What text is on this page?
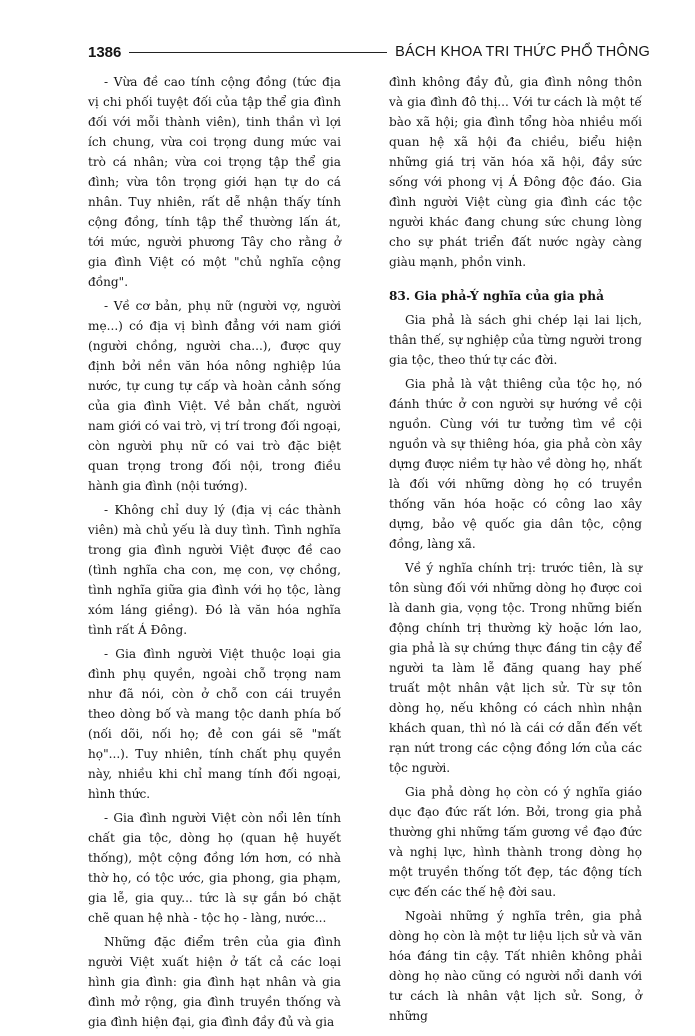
1386	BÁCH KHOA TRI THỨC PHỔ THÔNG

- Vừa đề cao tính cộng đồng (tức địa vị chi phối tuyệt đối của tập thể gia đình đối với mỗi thành viên), tinh thần vì lợi ích chung, vừa coi trọng dung mức vai trò cá nhân; vừa coi trọng tập thể gia đình; vừa tôn trọng giới hạn tự do cá nhân. Tuy nhiên, rất dễ nhận thấy tính cộng đồng, tính tập thể thường lấn át, tới mức, người phương Tây cho rằng ở gia đình Việt có một "chủ nghĩa cộng đồng".

- Về cơ bản, phụ nữ (người vợ, người mẹ...) có địa vị bình đẳng với nam giới (người chồng, người cha...), được quy định bởi nền văn hóa nông nghiệp lúa nước, tự cung tự cấp và hoàn cảnh sống của gia đình Việt. Về bản chất, người nam giới có vai trò, vị trí trong đối ngoại, còn người phụ nữ có vai trò đặc biệt quan trọng trong đối nội, trong điều hành gia đình (nội tướng).

- Không chỉ duy lý (địa vị các thành viên) mà chủ yếu là duy tình. Tình nghĩa trong gia đình người Việt được đề cao (tình nghĩa cha con, mẹ con, vợ chồng, tình nghĩa giữa gia đình với họ tộc, làng xóm láng giềng). Đó là văn hóa nghĩa tình rất Á Đông.

- Gia đình người Việt thuộc loại gia đình phụ quyền, ngoài chỗ trọng nam như đã nói, còn ở chỗ con cái truyền theo dòng bố và mang tộc danh phía bố (nối dõi, nối họ; đẻ con gái sẽ "mất họ"...). Tuy nhiên, tính chất phụ quyền này, nhiều khi chỉ mang tính đối ngoại, hình thức.

- Gia đình người Việt còn nổi lên tính chất gia tộc, dòng họ (quan hệ huyết thống), một cộng đồng lớn hơn, có nhà thờ họ, có tộc ước, gia phong, gia phạm, gia lễ, gia quy... tức là sự gắn bó chặt chẽ quan hệ nhà - tộc họ - làng, nước...

Những đặc điểm trên của gia đình người Việt xuất hiện ở tất cả các loại hình gia đình: gia đình hạt nhân và gia đình mở rộng, gia đình truyền thống và gia đình hiện đại, gia đình đầy đủ và gia

đình không đầy đủ, gia đình nông thôn và gia đình đô thị... Với tư cách là một tế bào xã hội; gia đình tổng hòa nhiều mối quan hệ xã hội đa chiều, biểu hiện những giá trị văn hóa xã hội, đầy sức sống với phong vị Á Đông độc đáo. Gia đình người Việt cùng gia đình các tộc người khác đang chung sức chung lòng cho sự phát triển đất nước ngày càng giàu mạnh, phồn vinh.

83. Gia phả-Ý nghĩa của gia phả

Gia phả là sách ghi chép lại lai lịch, thân thế, sự nghiệp của từng người trong gia tộc, theo thứ tự các đời.

Gia phả là vật thiêng của tộc họ, nó đánh thức ở con người sự hướng về cội nguồn. Cùng với tư tưởng tìm về cội nguồn và sự thiêng hóa, gia phả còn xây dựng được niềm tự hào về dòng họ, nhất là đối với những dòng họ có truyền thống văn hóa hoặc có công lao xây dựng, bảo vệ quốc gia dân tộc, cộng đồng, làng xã.

Về ý nghĩa chính trị: trước tiên, là sự tôn sùng đối với những dòng họ được coi là danh gia, vọng tộc. Trong những biến động chính trị thường kỳ hoặc lớn lao, gia phả là sự chứng thực đáng tin cậy để người ta làm lễ đăng quang hay phế truất một nhân vật lịch sử. Từ sự tôn dòng họ, nếu không có cách nhìn nhận khách quan, thì nó là cái cớ dẫn đến vết rạn nứt trong các cộng đồng lớn của các tộc người.

Gia phả dòng họ còn có ý nghĩa giáo dục đạo đức rất lớn. Bởi, trong gia phả thường ghi những tấm gương về đạo đức và nghị lực, hình thành trong dòng họ một truyền thống tốt đẹp, tác động tích cực đến các thế hệ đời sau.

Ngoài những ý nghĩa trên, gia phả dòng họ còn là một tư liệu lịch sử và văn hóa đáng tin cậy. Tất nhiên không phải dòng họ nào cũng có người nổi danh với tư cách là nhân vật lịch sử. Song, ở những
